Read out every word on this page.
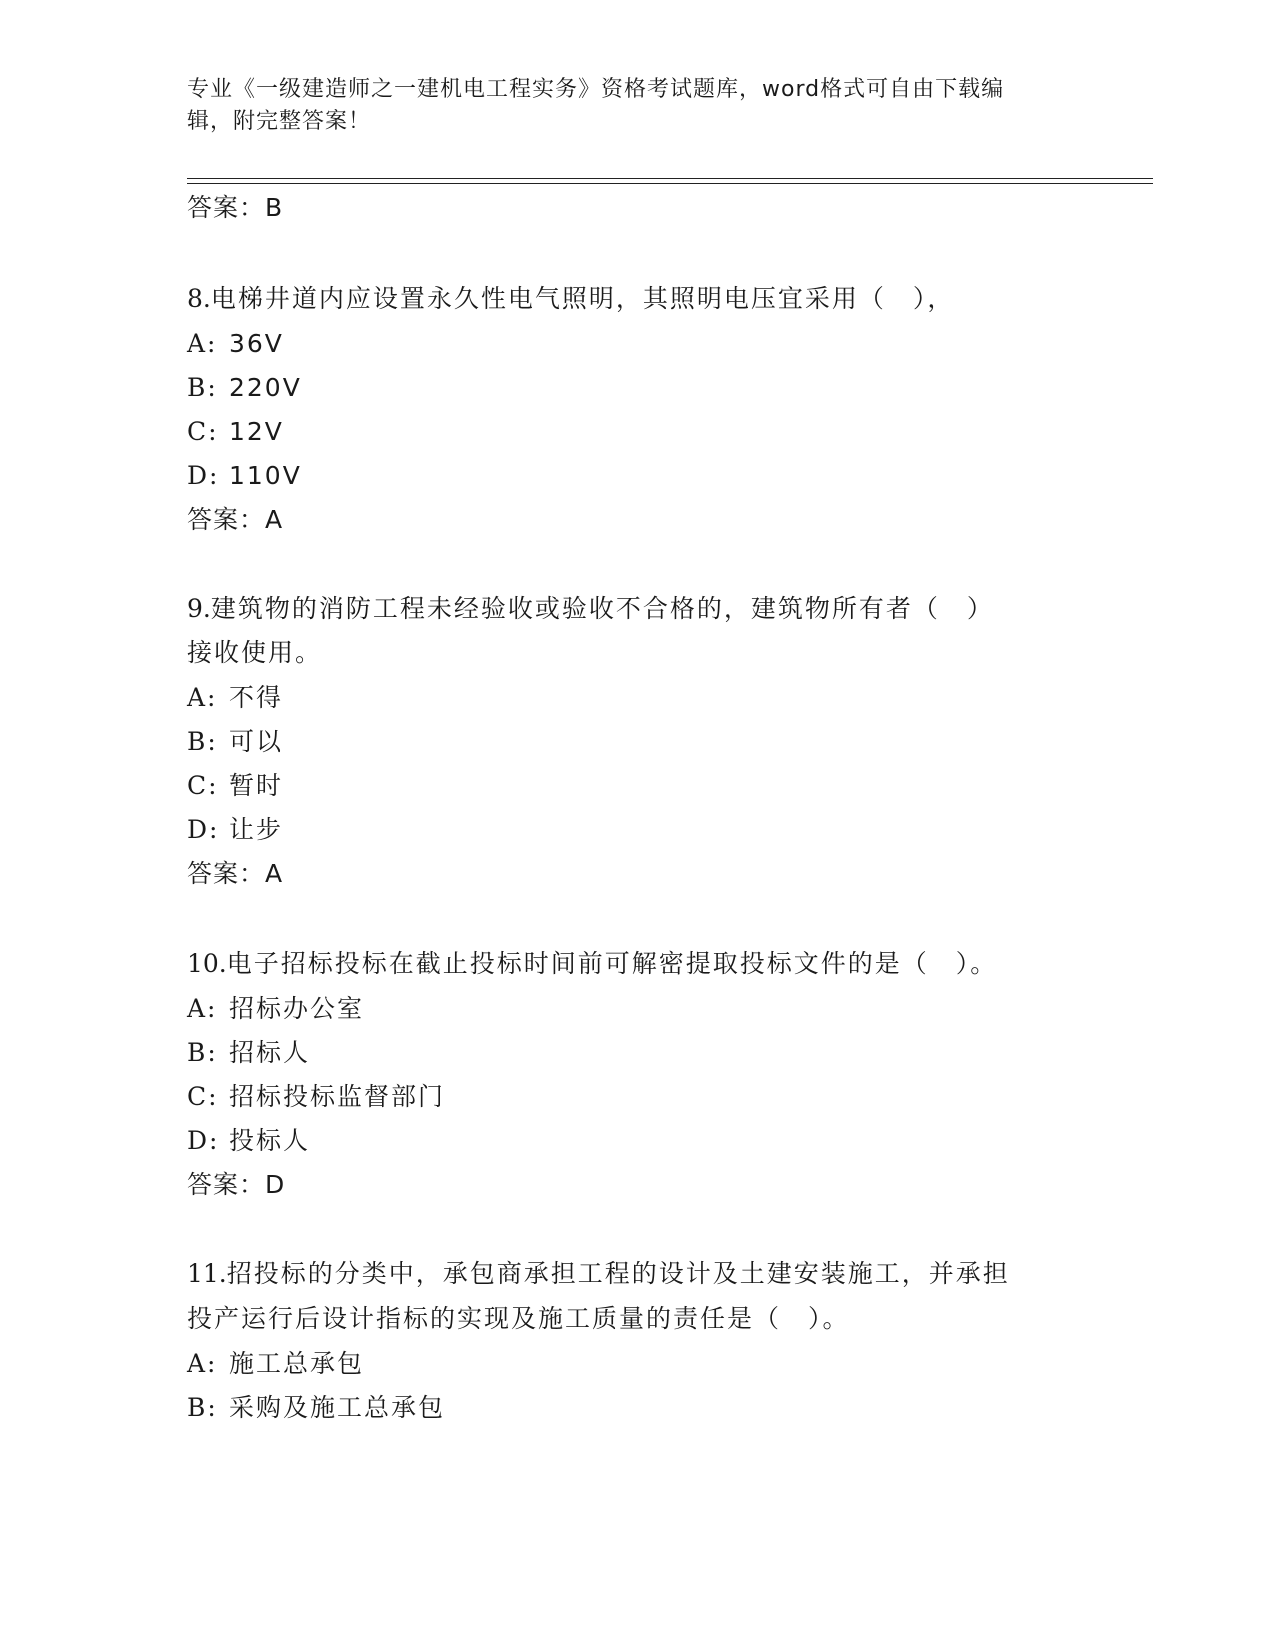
专业《一级建造师之一建机电工程实务》资格考试题库，word格式可自由下载编
辑，附完整答案！
答案：B
8.电梯井道内应设置永久性电气照明，其照明电压宜采用（　），
A: 36V
B: 220V
C: 12V
D: 110V
答案：A
9.建筑物的消防工程未经验收或验收不合格的，建筑物所有者（　）
接收使用。
A: 不得
B: 可以
C: 暂时
D: 让步
答案：A
10.电子招标投标在截止投标时间前可解密提取投标文件的是（　）。
A: 招标办公室
B: 招标人
C: 招标投标监督部门
D: 投标人
答案：D
11.招投标的分类中，承包商承担工程的设计及土建安装施工，并承担
投产运行后设计指标的实现及施工质量的责任是（　）。
A: 施工总承包
B: 采购及施工总承包
